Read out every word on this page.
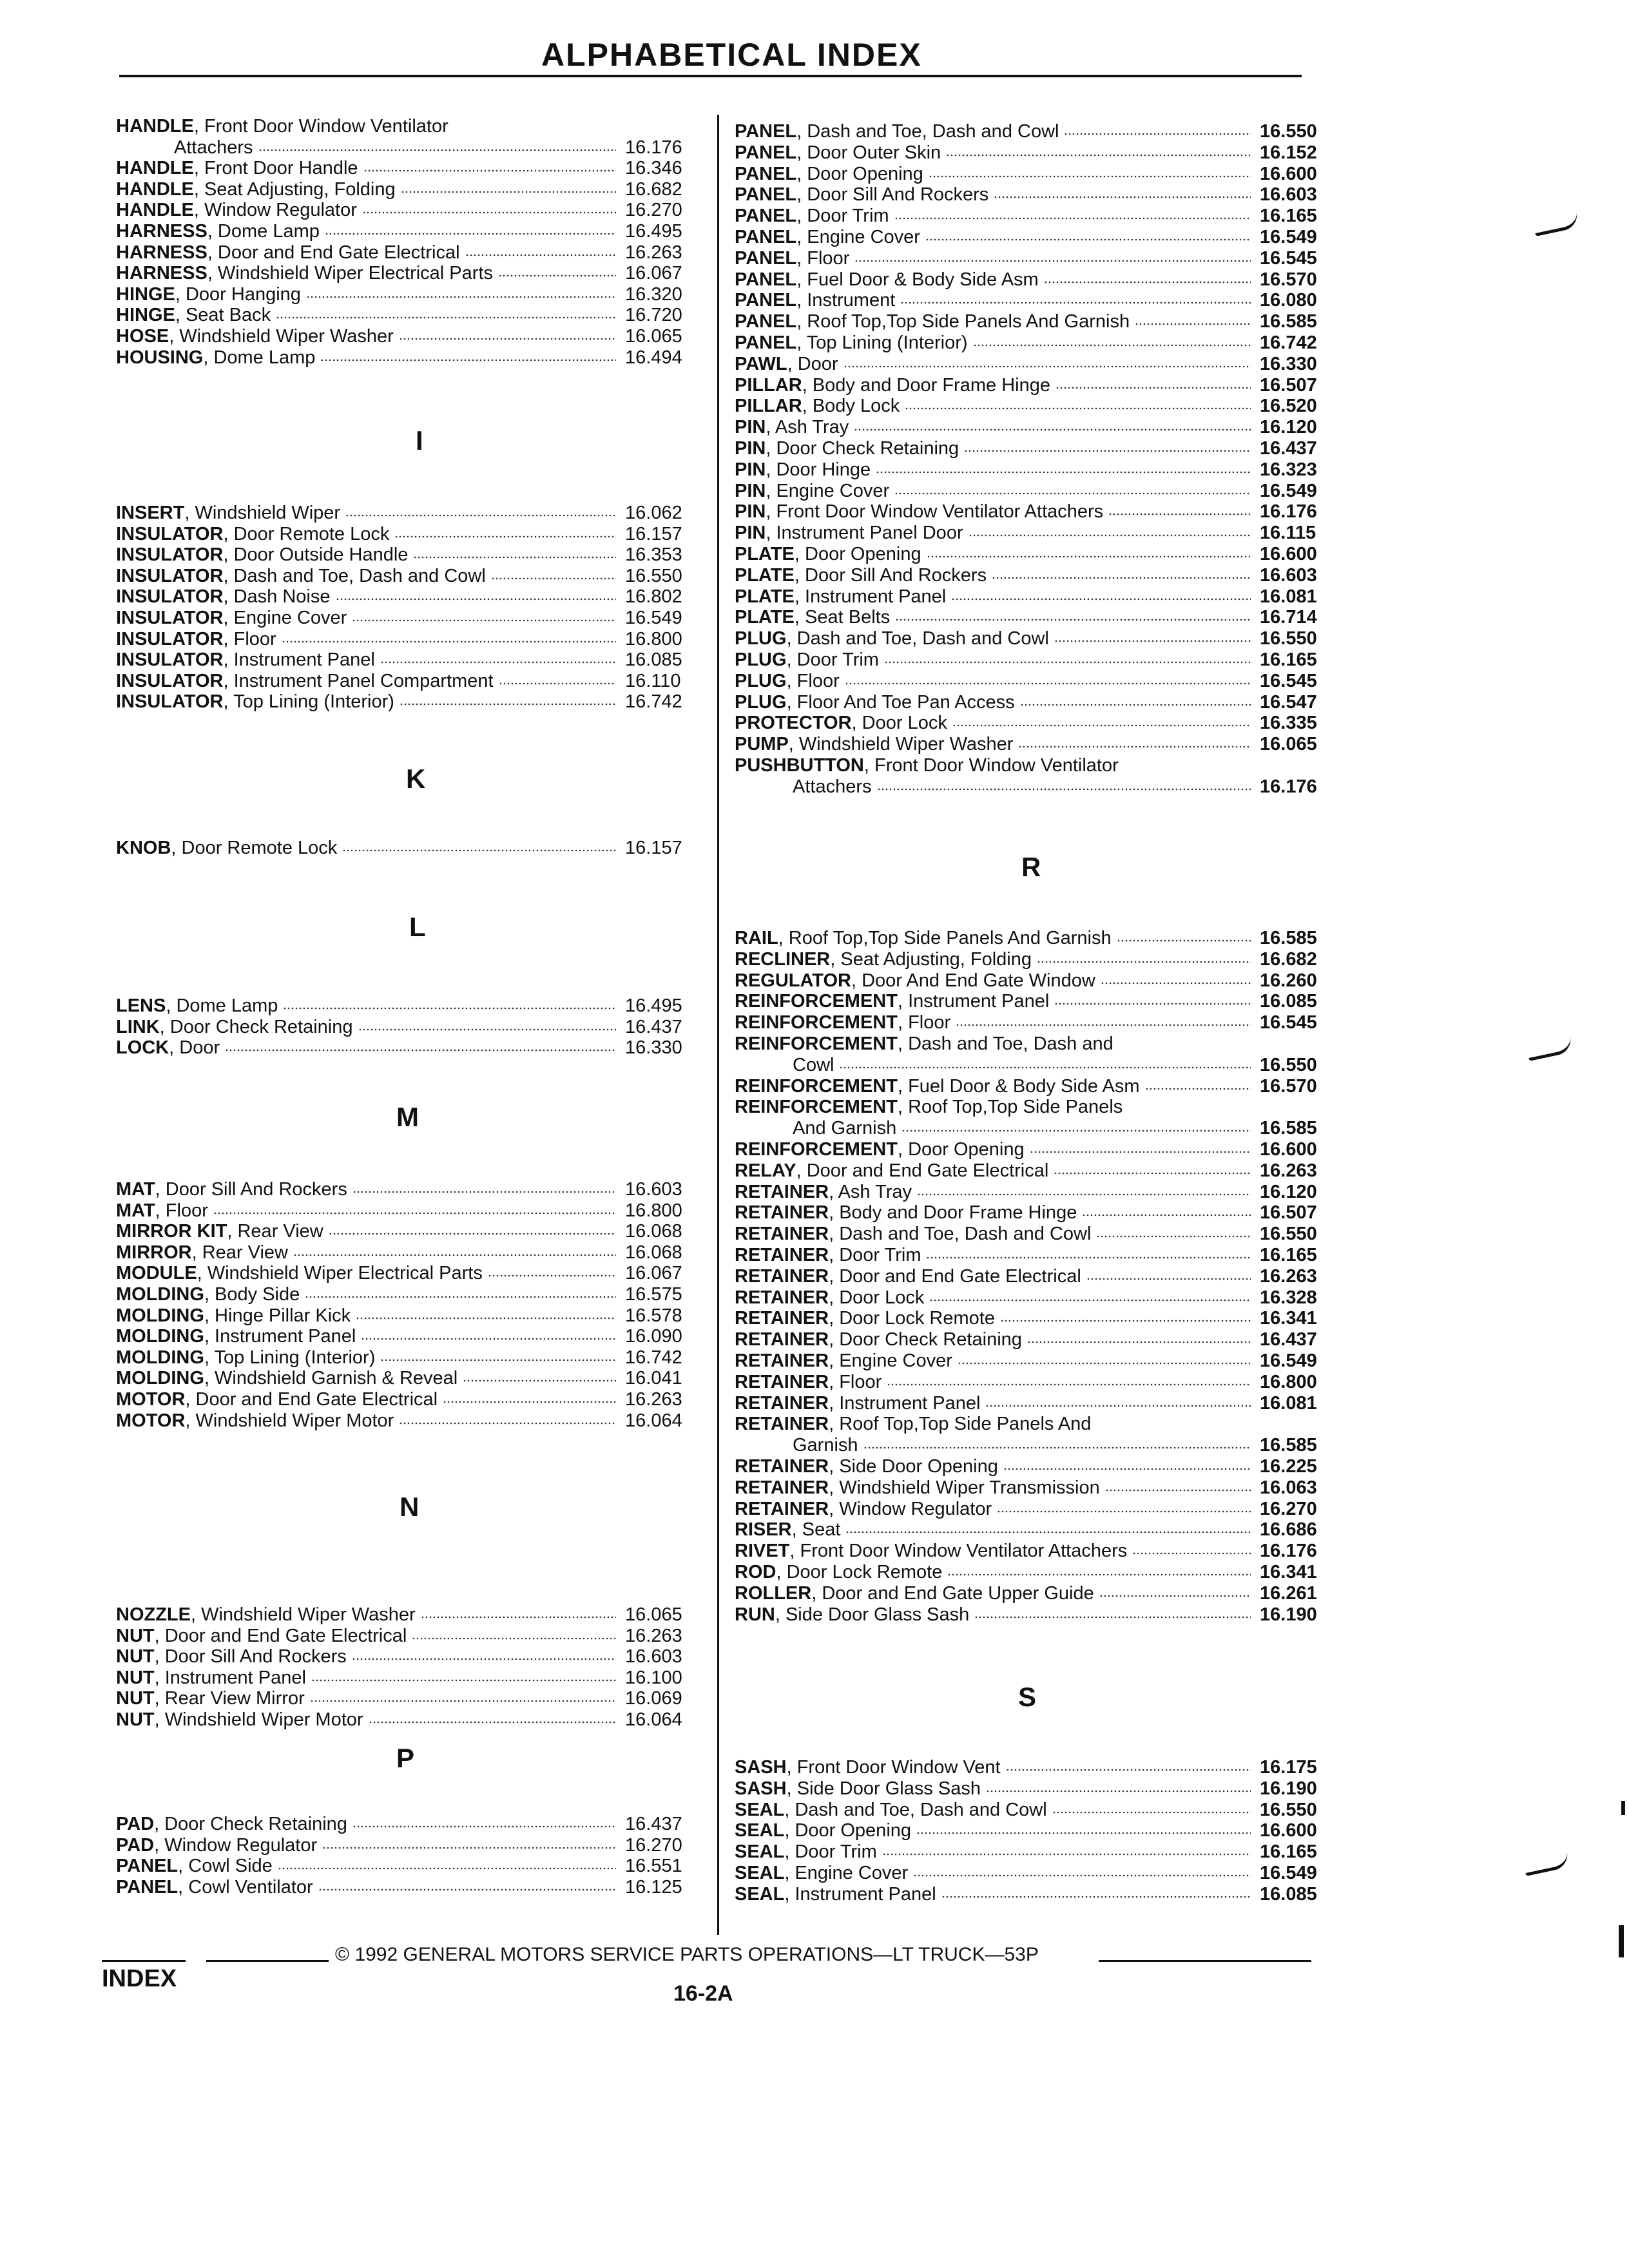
ALPHABETICAL INDEX
HANDLE, Front Door Window Ventilator
Attachers	16.176
HANDLE, Front Door Handle	16.346
HANDLE, Seat Adjusting, Folding	16.682
HANDLE, Window Regulator	16.270
HARNESS, Dome Lamp	16.495
HARNESS, Door and End Gate Electrical	16.263
HARNESS, Windshield Wiper Electrical Parts	16.067
HINGE, Door Hanging	16.320
HINGE, Seat Back	16.720
HOSE, Windshield Wiper Washer	16.065
HOUSING, Dome Lamp	16.494
I
INSERT, Windshield Wiper	16.062
INSULATOR, Door Remote Lock	16.157
INSULATOR, Door Outside Handle	16.353
INSULATOR, Dash and Toe, Dash and Cowl	16.550
INSULATOR, Dash Noise	16.802
INSULATOR, Engine Cover	16.549
INSULATOR, Floor	16.800
INSULATOR, Instrument Panel	16.085
INSULATOR, Instrument Panel Compartment	16.110
INSULATOR, Top Lining (Interior)	16.742
K
KNOB, Door Remote Lock	16.157
L
LENS, Dome Lamp	16.495
LINK, Door Check Retaining	16.437
LOCK, Door	16.330
M
MAT, Door Sill And Rockers	16.603
MAT, Floor	16.800
MIRROR KIT, Rear View	16.068
MIRROR, Rear View	16.068
MODULE, Windshield Wiper Electrical Parts	16.067
MOLDING, Body Side	16.575
MOLDING, Hinge Pillar Kick	16.578
MOLDING, Instrument Panel	16.090
MOLDING, Top Lining (Interior)	16.742
MOLDING, Windshield Garnish & Reveal	16.041
MOTOR, Door and End Gate Electrical	16.263
MOTOR, Windshield Wiper Motor	16.064
N
NOZZLE, Windshield Wiper Washer	16.065
NUT, Door and End Gate Electrical	16.263
NUT, Door Sill And Rockers	16.603
NUT, Instrument Panel	16.100
NUT, Rear View Mirror	16.069
NUT, Windshield Wiper Motor	16.064
P
PAD, Door Check Retaining	16.437
PAD, Window Regulator	16.270
PANEL, Cowl Side	16.551
PANEL, Cowl Ventilator	16.125
PANEL, Dash and Toe, Dash and Cowl	16.550
PANEL, Door Outer Skin	16.152
PANEL, Door Opening	16.600
PANEL, Door Sill And Rockers	16.603
PANEL, Door Trim	16.165
PANEL, Engine Cover	16.549
PANEL, Floor	16.545
PANEL, Fuel Door & Body Side Asm	16.570
PANEL, Instrument	16.080
PANEL, Roof Top,Top Side Panels And Garnish	16.585
PANEL, Top Lining (Interior)	16.742
PAWL, Door	16.330
PILLAR, Body and Door Frame Hinge	16.507
PILLAR, Body Lock	16.520
PIN, Ash Tray	16.120
PIN, Door Check Retaining	16.437
PIN, Door Hinge	16.323
PIN, Engine Cover	16.549
PIN, Front Door Window Ventilator Attachers	16.176
PIN, Instrument Panel Door	16.115
PLATE, Door Opening	16.600
PLATE, Door Sill And Rockers	16.603
PLATE, Instrument Panel	16.081
PLATE, Seat Belts	16.714
PLUG, Dash and Toe, Dash and Cowl	16.550
PLUG, Door Trim	16.165
PLUG, Floor	16.545
PLUG, Floor And Toe Pan Access	16.547
PROTECTOR, Door Lock	16.335
PUMP, Windshield Wiper Washer	16.065
PUSHBUTTON, Front Door Window Ventilator
Attachers	16.176
R
RAIL, Roof Top,Top Side Panels And Garnish	16.585
RECLINER, Seat Adjusting, Folding	16.682
REGULATOR, Door And End Gate Window	16.260
REINFORCEMENT, Instrument Panel	16.085
REINFORCEMENT, Floor	16.545
REINFORCEMENT, Dash and Toe, Dash and
Cowl	16.550
REINFORCEMENT, Fuel Door & Body Side Asm	16.570
REINFORCEMENT, Roof Top,Top Side Panels
And Garnish	16.585
REINFORCEMENT, Door Opening	16.600
RELAY, Door and End Gate Electrical	16.263
RETAINER, Ash Tray	16.120
RETAINER, Body and Door Frame Hinge	16.507
RETAINER, Dash and Toe, Dash and Cowl	16.550
RETAINER, Door Trim	16.165
RETAINER, Door and End Gate Electrical	16.263
RETAINER, Door Lock	16.328
RETAINER, Door Lock Remote	16.341
RETAINER, Door Check Retaining	16.437
RETAINER, Engine Cover	16.549
RETAINER, Floor	16.800
RETAINER, Instrument Panel	16.081
RETAINER, Roof Top,Top Side Panels And
Garnish	16.585
RETAINER, Side Door Opening	16.225
RETAINER, Windshield Wiper Transmission	16.063
RETAINER, Window Regulator	16.270
RISER, Seat	16.686
RIVET, Front Door Window Ventilator Attachers	16.176
ROD, Door Lock Remote	16.341
ROLLER, Door and End Gate Upper Guide	16.261
RUN, Side Door Glass Sash	16.190
S
SASH, Front Door Window Vent	16.175
SASH, Side Door Glass Sash	16.190
SEAL, Dash and Toe, Dash and Cowl	16.550
SEAL, Door Opening	16.600
SEAL, Door Trim	16.165
SEAL, Engine Cover	16.549
SEAL, Instrument Panel	16.085
© 1992 GENERAL MOTORS SERVICE PARTS OPERATIONS—LT TRUCK—53P
INDEX
16-2A
